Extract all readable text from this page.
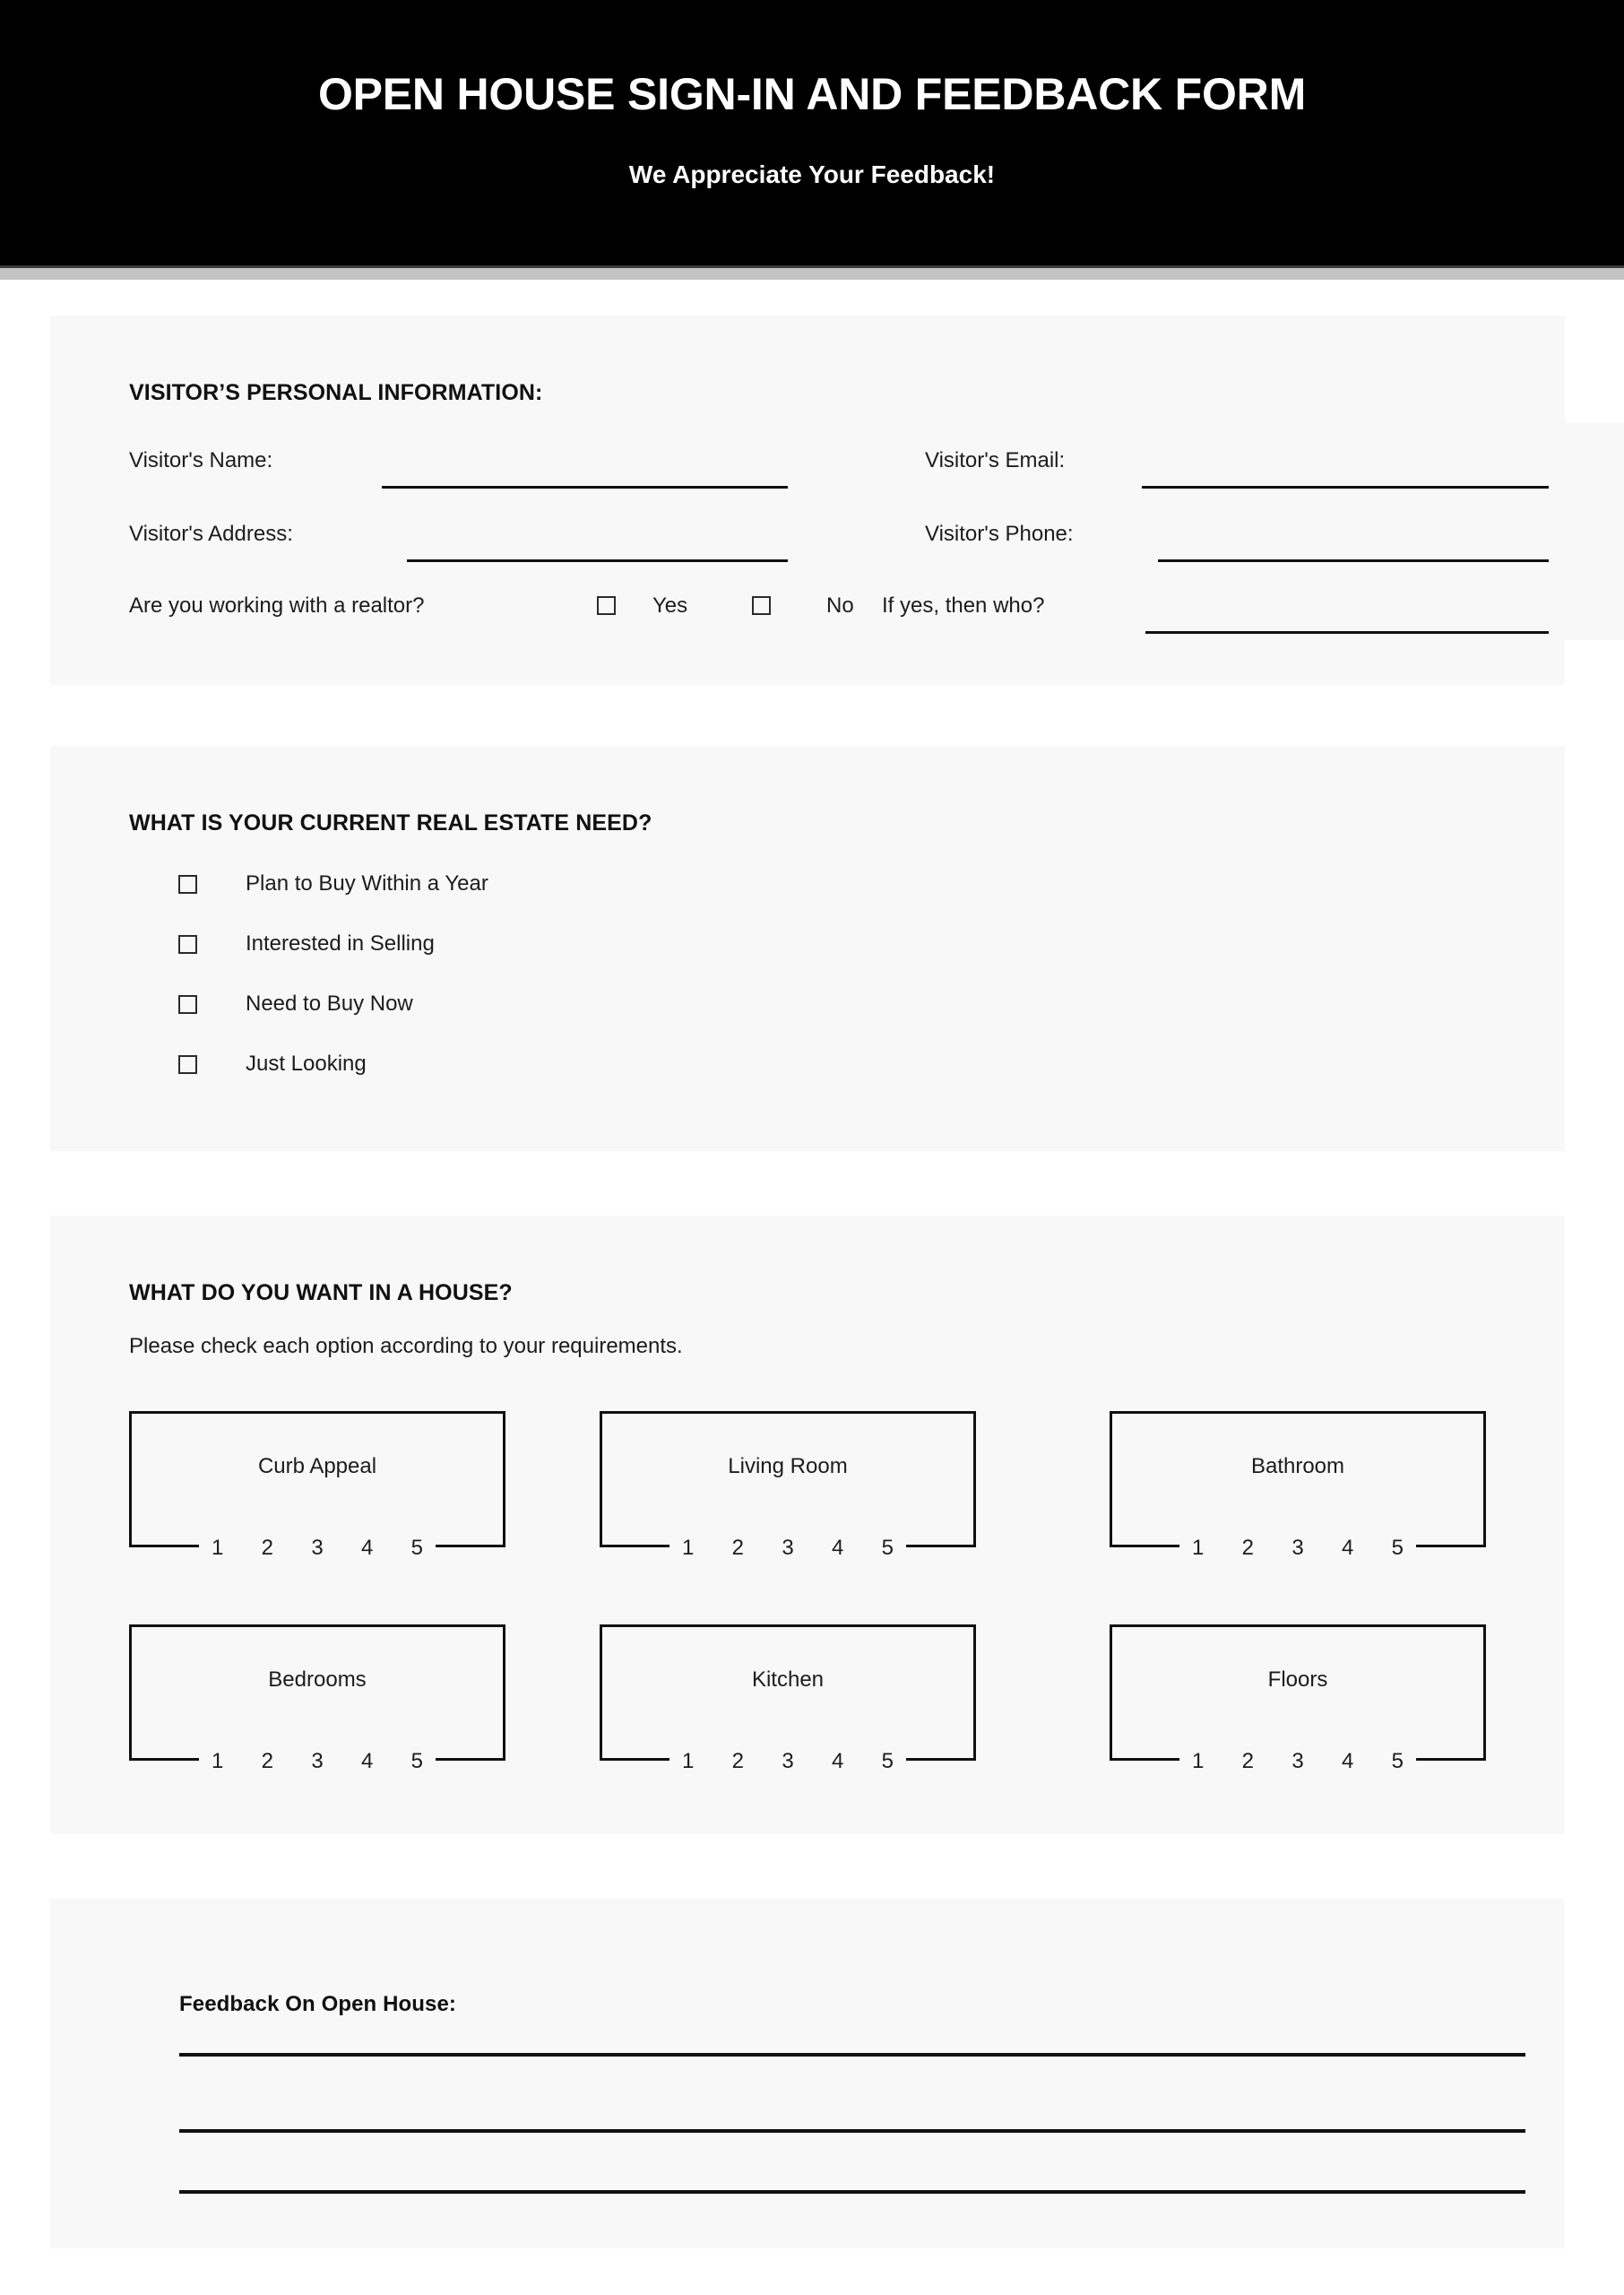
OPEN HOUSE SIGN-IN AND FEEDBACK FORM
We Appreciate Your Feedback!
VISITOR’S PERSONAL INFORMATION:
Visitor's Name:	Visitor's Email:
Visitor's Address:	Visitor's Phone:
Are you working with a realtor?	Yes	No If yes, then who?
WHAT IS YOUR CURRENT REAL ESTATE NEED?
Plan to Buy Within a Year
Interested in Selling
Need to Buy Now
Just Looking
WHAT DO YOU WANT IN A HOUSE?
Please check each option according to your requirements.
Curb Appeal
1 2 3 4 5
Living Room
1 2 3 4 5
Bathroom
1 2 3 4 5
Bedrooms
1 2 3 4 5
Kitchen
1 2 3 4 5
Floors
1 2 3 4 5
Feedback On Open House:
